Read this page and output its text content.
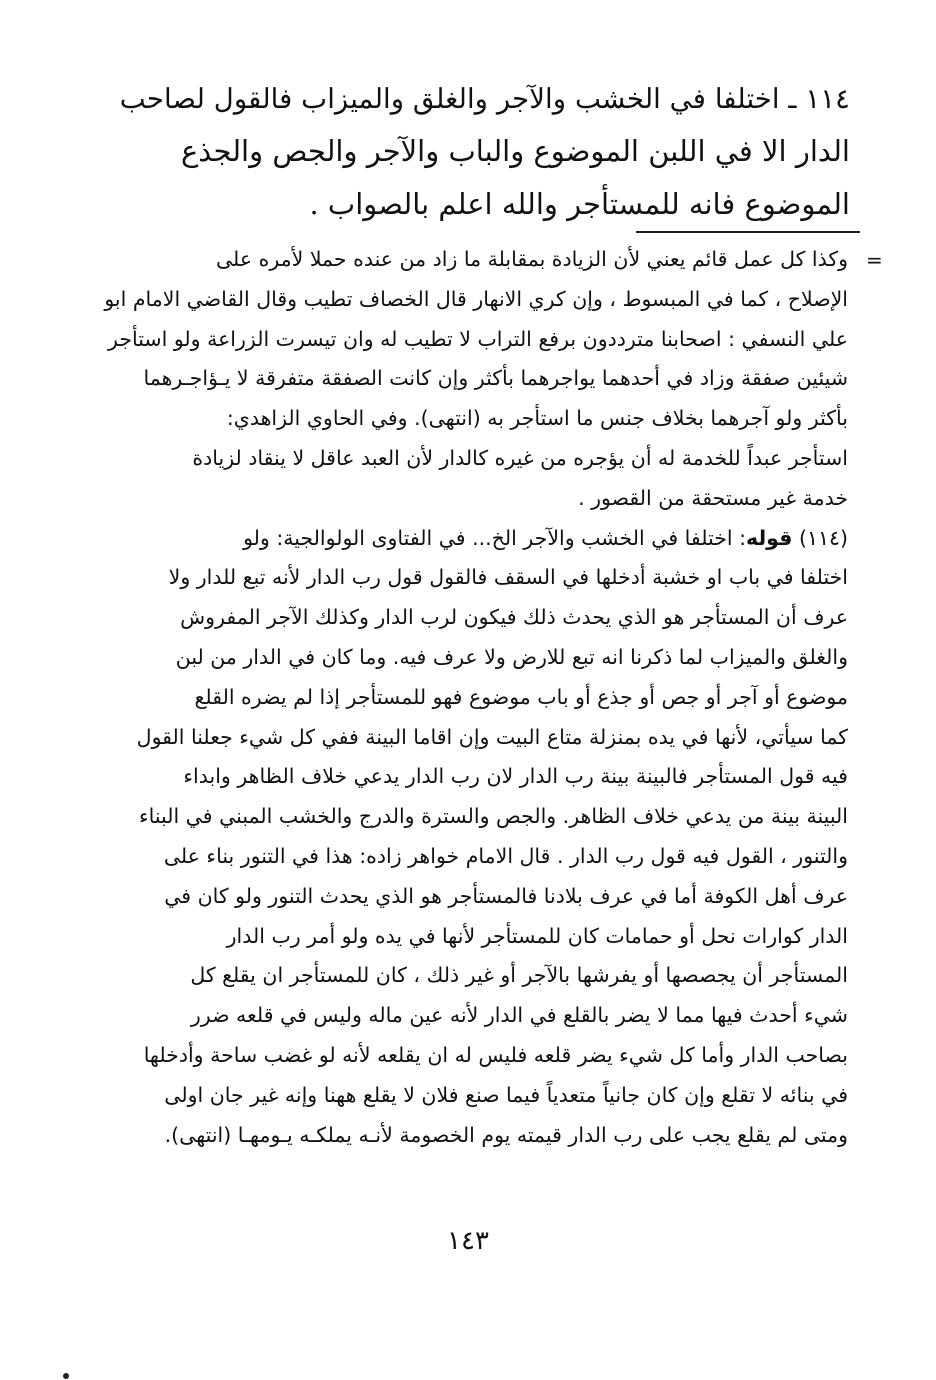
١١٤ ـ اختلفا في الخشب والآجر والغلق والميزاب فالقول لصاحب
الدار الا في اللبن الموضوع والباب والآجر والجص والجذع
الموضوع فانه للمستأجر والله اعلم بالصواب .
=
وكذا كل عمل قائم يعني لأن الزيادة بمقابلة ما زاد من عنده حملا لأمره على
الإصلاح ، كما في المبسوط ، وإن كري الانهار قال الخصاف تطيب وقال القاضي الامام ابو
علي النسفي : اصحابنا مترددون برفع التراب لا تطيب له وان تيسرت الزراعة ولو استأجر
شيئين صفقة وزاد في أحدهما يواجرهما بأكثر وإن كانت الصفقة متفرقة لا يـؤاجـرهما
بأكثر ولو آجرهما بخلاف جنس ما استأجر به (انتهى). وفي الحاوي الزاهدي:
استأجر عبداً للخدمة له أن يؤجره من غيره كالدار لأن العبد عاقل لا ينقاد لزيادة
خدمة غير مستحقة من القصور .
(١١٤) قوله: اختلفا في الخشب والآجر الخ... في الفتاوى الولوالجية: ولو
اختلفا في باب او خشبة أدخلها في السقف فالقول قول رب الدار لأنه تبع للدار ولا
عرف أن المستأجر هو الذي يحدث ذلك فيكون لرب الدار وكذلك الآجر المفروش
والغلق والميزاب لما ذكرنا انه تبع للارض ولا عرف فيه. وما كان في الدار من لبن
موضوع أو آجر أو جص أو جذع أو باب موضوع فهو للمستأجر إذا لم يضره القلع
كما سيأتي، لأنها في يده بمنزلة متاع البيت وإن اقاما البينة ففي كل شيء جعلنا القول
فيه قول المستأجر فالبينة بينة رب الدار لان رب الدار يدعي خلاف الظاهر وابداء
البينة بينة من يدعي خلاف الظاهر. والجص والسترة والدرج والخشب المبني في البناء
والتنور ، القول فيه قول رب الدار . قال الامام خواهر زاده: هذا في التنور بناء على
عرف أهل الكوفة أما في عرف بلادنا فالمستأجر هو الذي يحدث التنور ولو كان في
الدار كوارات نحل أو حمامات كان للمستأجر لأنها في يده ولو أمر رب الدار
المستأجر أن يجصصها أو يفرشها بالآجر أو غير ذلك ، كان للمستأجر ان يقلع كل
شيء أحدث فيها مما لا يضر بالقلع في الدار لأنه عين ماله وليس في قلعه ضرر
بصاحب الدار وأما كل شيء يضر قلعه فليس له ان يقلعه لأنه لو غضب ساحة وأدخلها
في بنائه لا تقلع وإن كان جانياً متعدياً فيما صنع فلان لا يقلع ههنا وإنه غير جان اولى
ومتى لم يقلع يجب على رب الدار قيمته يوم الخصومة لأنـه يملكـه يـومهـا (انتهى).
١٤٣
